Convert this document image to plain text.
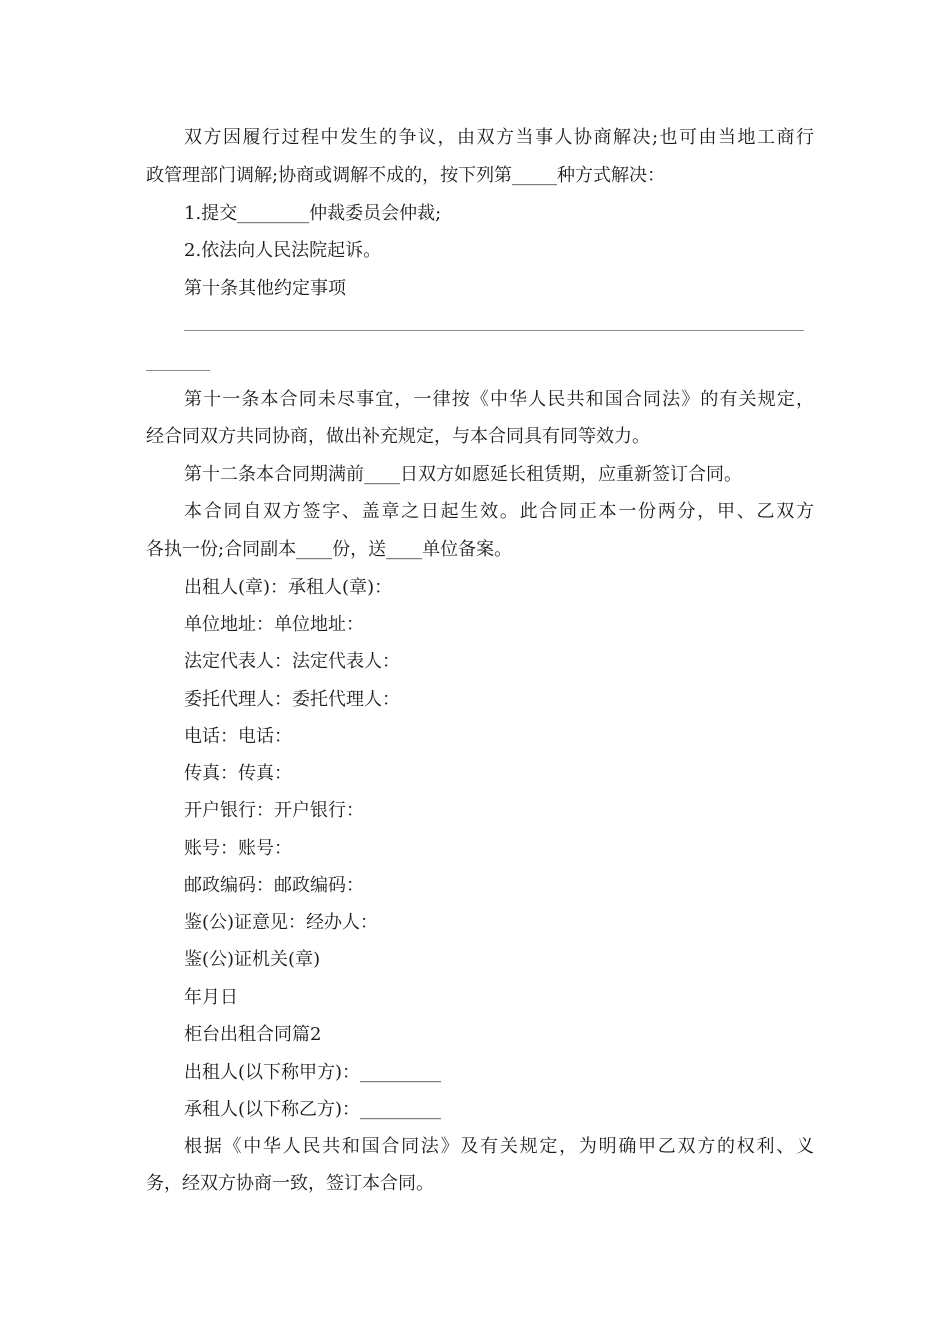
双方因履行过程中发生的争议，由双方当事人协商解决;也可由当地工商行
政管理部门调解;协商或调解不成的，按下列第_____种方式解决：
1.提交________仲裁委员会仲裁;
2.依法向人民法院起诉。
第十条其他约定事项
第十一条本合同未尽事宜，一律按《中华人民共和国合同法》的有关规定，
经合同双方共同协商，做出补充规定，与本合同具有同等效力。
第十二条本合同期满前____日双方如愿延长租赁期，应重新签订合同。
本合同自双方签字、盖章之日起生效。此合同正本一份两分，甲、乙双方
各执一份;合同副本____份，送____单位备案。
出租人(章)：承租人(章)：
单位地址：单位地址：
法定代表人：法定代表人：
委托代理人：委托代理人：
电话：电话：
传真：传真：
开户银行：开户银行：
账号：账号：
邮政编码：邮政编码：
鉴(公)证意见：经办人：
鉴(公)证机关(章)
年月日
柜台出租合同篇2
出租人(以下称甲方)：_________
承租人(以下称乙方)：_________
根据《中华人民共和国合同法》及有关规定，为明确甲乙双方的权利、义
务，经双方协商一致，签订本合同。
